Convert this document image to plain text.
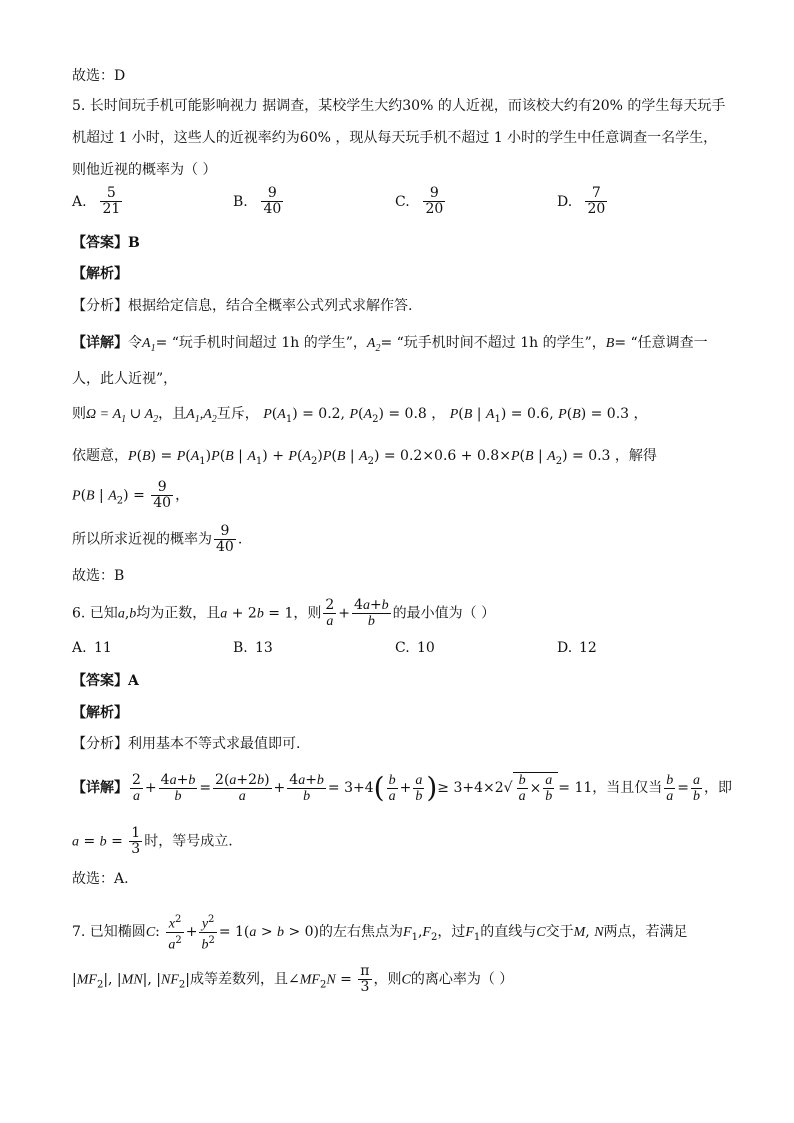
故选：D
5. 长时间玩手机可能影响视力 据调查，某校学生大约30% 的人近视，而该校大约有20% 的学生每天玩手
机超过 1 小时，这些人的近视率约为60% ，现从每天玩手机不超过 1 小时的学生中任意调查一名学生，
则他近视的概率为（ ）
A. $\frac{5}{21}$	B. $\frac{9}{40}$	C. $\frac{9}{20}$	D. $\frac{7}{20}$
【答案】B
【解析】
【分析】根据给定信息，结合全概率公式列式求解作答.
【详解】令$A_1=$ “玩手机时间超过 1h 的学生”，$A_2=$ “玩手机时间不超过 1h 的学生”，B= “任意调查一
人，此人近视”，
则$\Omega = A_1$ ∪ $A_2$，且$A_1,A_2$互斥， $P(A_1) = 0.2$, $P(A_2) = 0.8$ ， P(B | $A_1) = 0.6$, P(B) = 0.3 ，
依题意，$P(B) = P(A_1)P(B$ | $A_1) + P(A_2)P(B$ | $A_2) = 0.2\times 0.6 + 0.8\times P(B$ | $A_2) = 0.3$ ，解得
P(B | $A_2) = \frac{9}{40}$ ，
所以所求近视的概率为 $\frac{9}{40}$ .
故选：B
6. 已知a,b均为正数，且a + 2b = 1，则 $\frac{2}{a} + \frac{4a+b}{b}$ 的最小值为（ ）
A. 11	B. 13	C. 10	D. 12
【答案】A
【解析】
【分析】利用基本不等式求最值即可.
【详解】 $\frac{2}{a} + \frac{4a+b}{b} = \frac{2(a+2b)}{a} + \frac{4a+b}{b} = 3+4( \frac{b}{a} + \frac{a}{b}$ )≥ $3+4\times 2√ \frac{b}{a} \times \frac{a}{b} = 11$，当且仅当 $\frac{b}{a} = \frac{a}{b}$ ，即
$a = b = \frac{1}{3}$ 时，等号成立.
故选：A.
7. 已知椭圆C: $\frac{x^2}{a^2} + \frac{y^2}{b^2} = 1(a > b > 0)$的左右焦点为$F_1,F_2$，过$F_1$的直线与C交于M, N两点，若满足
$|MF_2|$, |MN|, $|NF_2|$成等差数列，且$\angle MF_2N = \frac{\pi}{3}$ ，则C的离心率为（ ）
